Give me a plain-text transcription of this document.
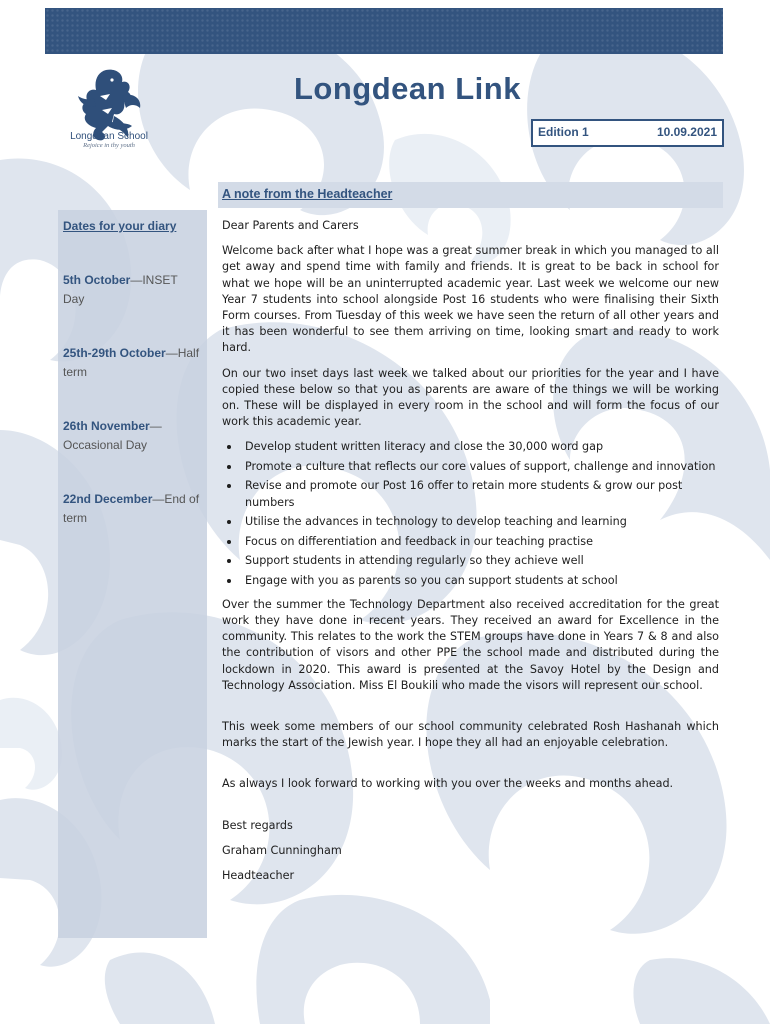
Longdean School
Rejoice in thy youth
Longdean Link
Edition 1	10.09.2021
Dates for your diary
5th October—INSET Day
25th-29th October—Half term
26th November—Occasional Day
22nd December—End of term
A note from the Headteacher

Dear Parents and Carers

Welcome back after what I hope was a great summer break in which you managed to all get away and spend time with family and friends. It is great to be back in school for what we hope will be an uninterrupted academic year. Last week we welcome our new Year 7 students into school alongside Post 16 students who were finalising their Sixth Form courses. From Tuesday of this week we have seen the return of all other years and it has been wonderful to see them arriving on time, looking smart and ready to work hard.

On our two inset days last week we talked about our priorities for the year and I have copied these below so that you as parents are aware of the things we will be working on. These will be displayed in every room in the school and will form the focus of our work this academic year.

Develop student written literacy and close the 30,000 word gap
Promote a culture that reflects our core values of support, challenge and innovation
Revise and promote our Post 16 offer to retain more students & grow our post numbers
Utilise the advances in technology to develop teaching and learning
Focus on differentiation and feedback in our teaching practise
Support students in attending regularly so they achieve well
Engage with you as parents so you can support students at school

Over the summer the Technology Department also received accreditation for the great work they have done in recent years. They received an award for Excellence in the community. This relates to the work the STEM groups have done in Years 7 & 8 and also the contribution of visors and other PPE the school made and distributed during the lockdown in 2020. This award is presented at the Savoy Hotel by the Design and Technology Association. Miss El Boukili who made the visors will represent our school.

This week some members of our school community celebrated Rosh Hashanah which marks the start of the Jewish year. I hope they all had an enjoyable celebration.

As always I look forward to working with you over the weeks and months ahead.

Best regards

Graham Cunningham

Headteacher
